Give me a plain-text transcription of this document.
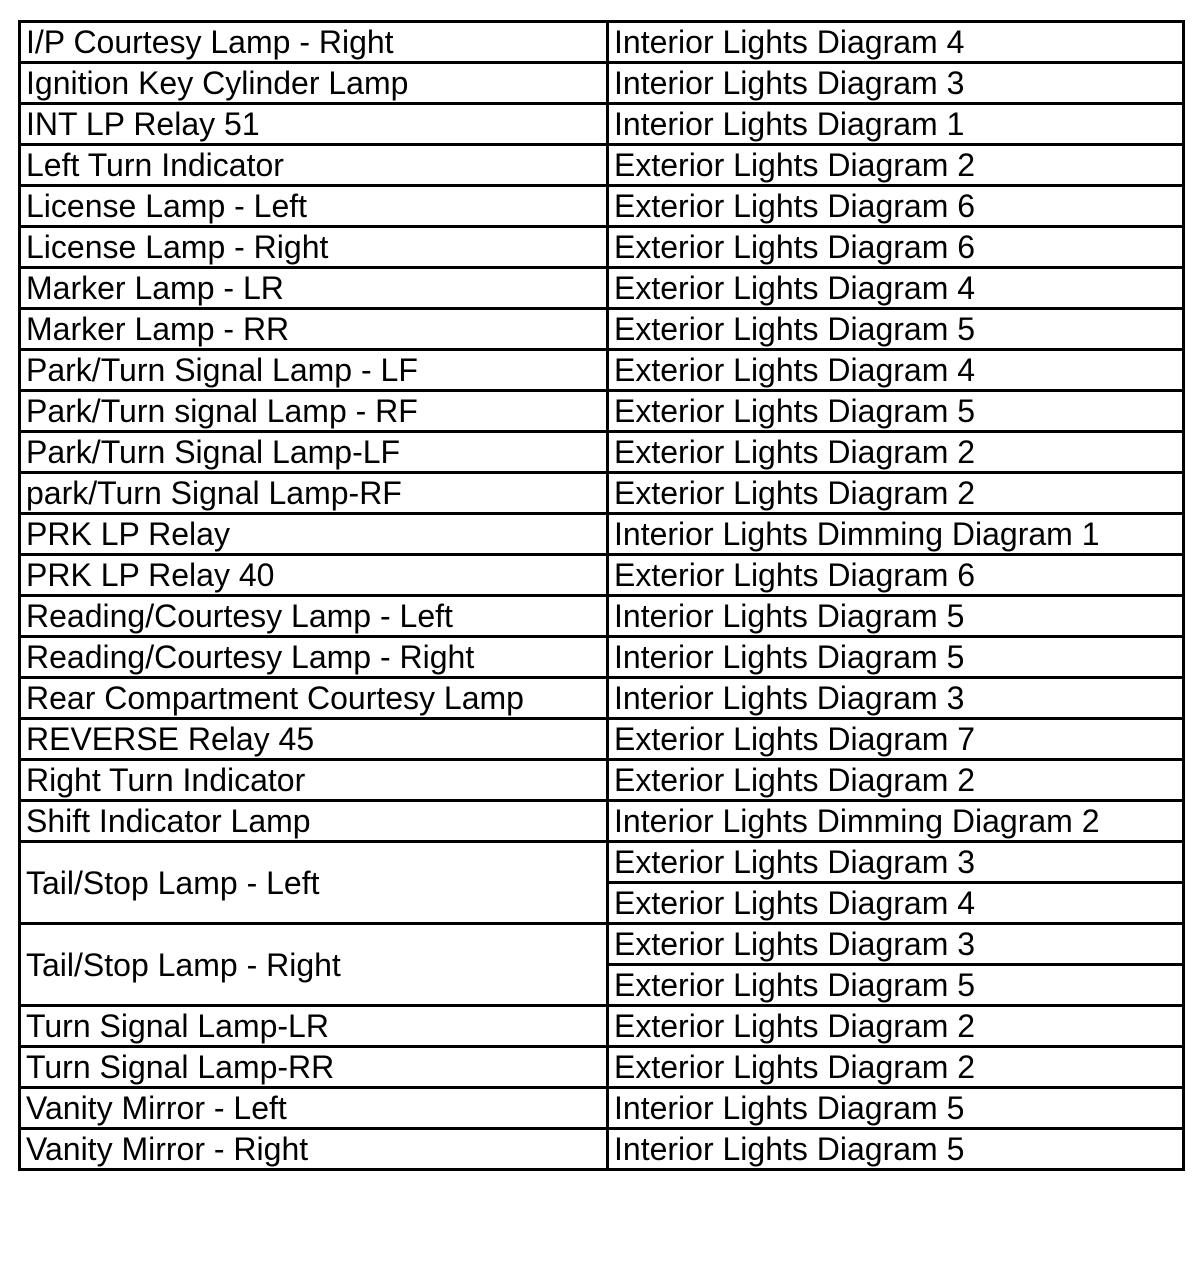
I/P Courtesy Lamp - Right	Interior Lights Diagram 4
Ignition Key Cylinder Lamp	Interior Lights Diagram 3
INT LP Relay 51	Interior Lights Diagram 1
Left Turn Indicator	Exterior Lights Diagram 2
License Lamp - Left	Exterior Lights Diagram 6
License Lamp - Right	Exterior Lights Diagram 6
Marker Lamp - LR	Exterior Lights Diagram 4
Marker Lamp - RR	Exterior Lights Diagram 5
Park/Turn Signal Lamp - LF	Exterior Lights Diagram 4
Park/Turn signal Lamp - RF	Exterior Lights Diagram 5
Park/Turn Signal Lamp-LF	Exterior Lights Diagram 2
park/Turn Signal Lamp-RF	Exterior Lights Diagram 2
PRK LP Relay	Interior Lights Dimming Diagram 1
PRK LP Relay 40	Exterior Lights Diagram 6
Reading/Courtesy Lamp - Left	Interior Lights Diagram 5
Reading/Courtesy Lamp - Right	Interior Lights Diagram 5
Rear Compartment Courtesy Lamp	Interior Lights Diagram 3
REVERSE Relay 45	Exterior Lights Diagram 7
Right Turn Indicator	Exterior Lights Diagram 2
Shift Indicator Lamp	Interior Lights Dimming Diagram 2
Tail/Stop Lamp - Left	Exterior Lights Diagram 3
	Exterior Lights Diagram 4
Tail/Stop Lamp - Right	Exterior Lights Diagram 3
	Exterior Lights Diagram 5
Turn Signal Lamp-LR	Exterior Lights Diagram 2
Turn Signal Lamp-RR	Exterior Lights Diagram 2
Vanity Mirror - Left	Interior Lights Diagram 5
Vanity Mirror - Right	Interior Lights Diagram 5
